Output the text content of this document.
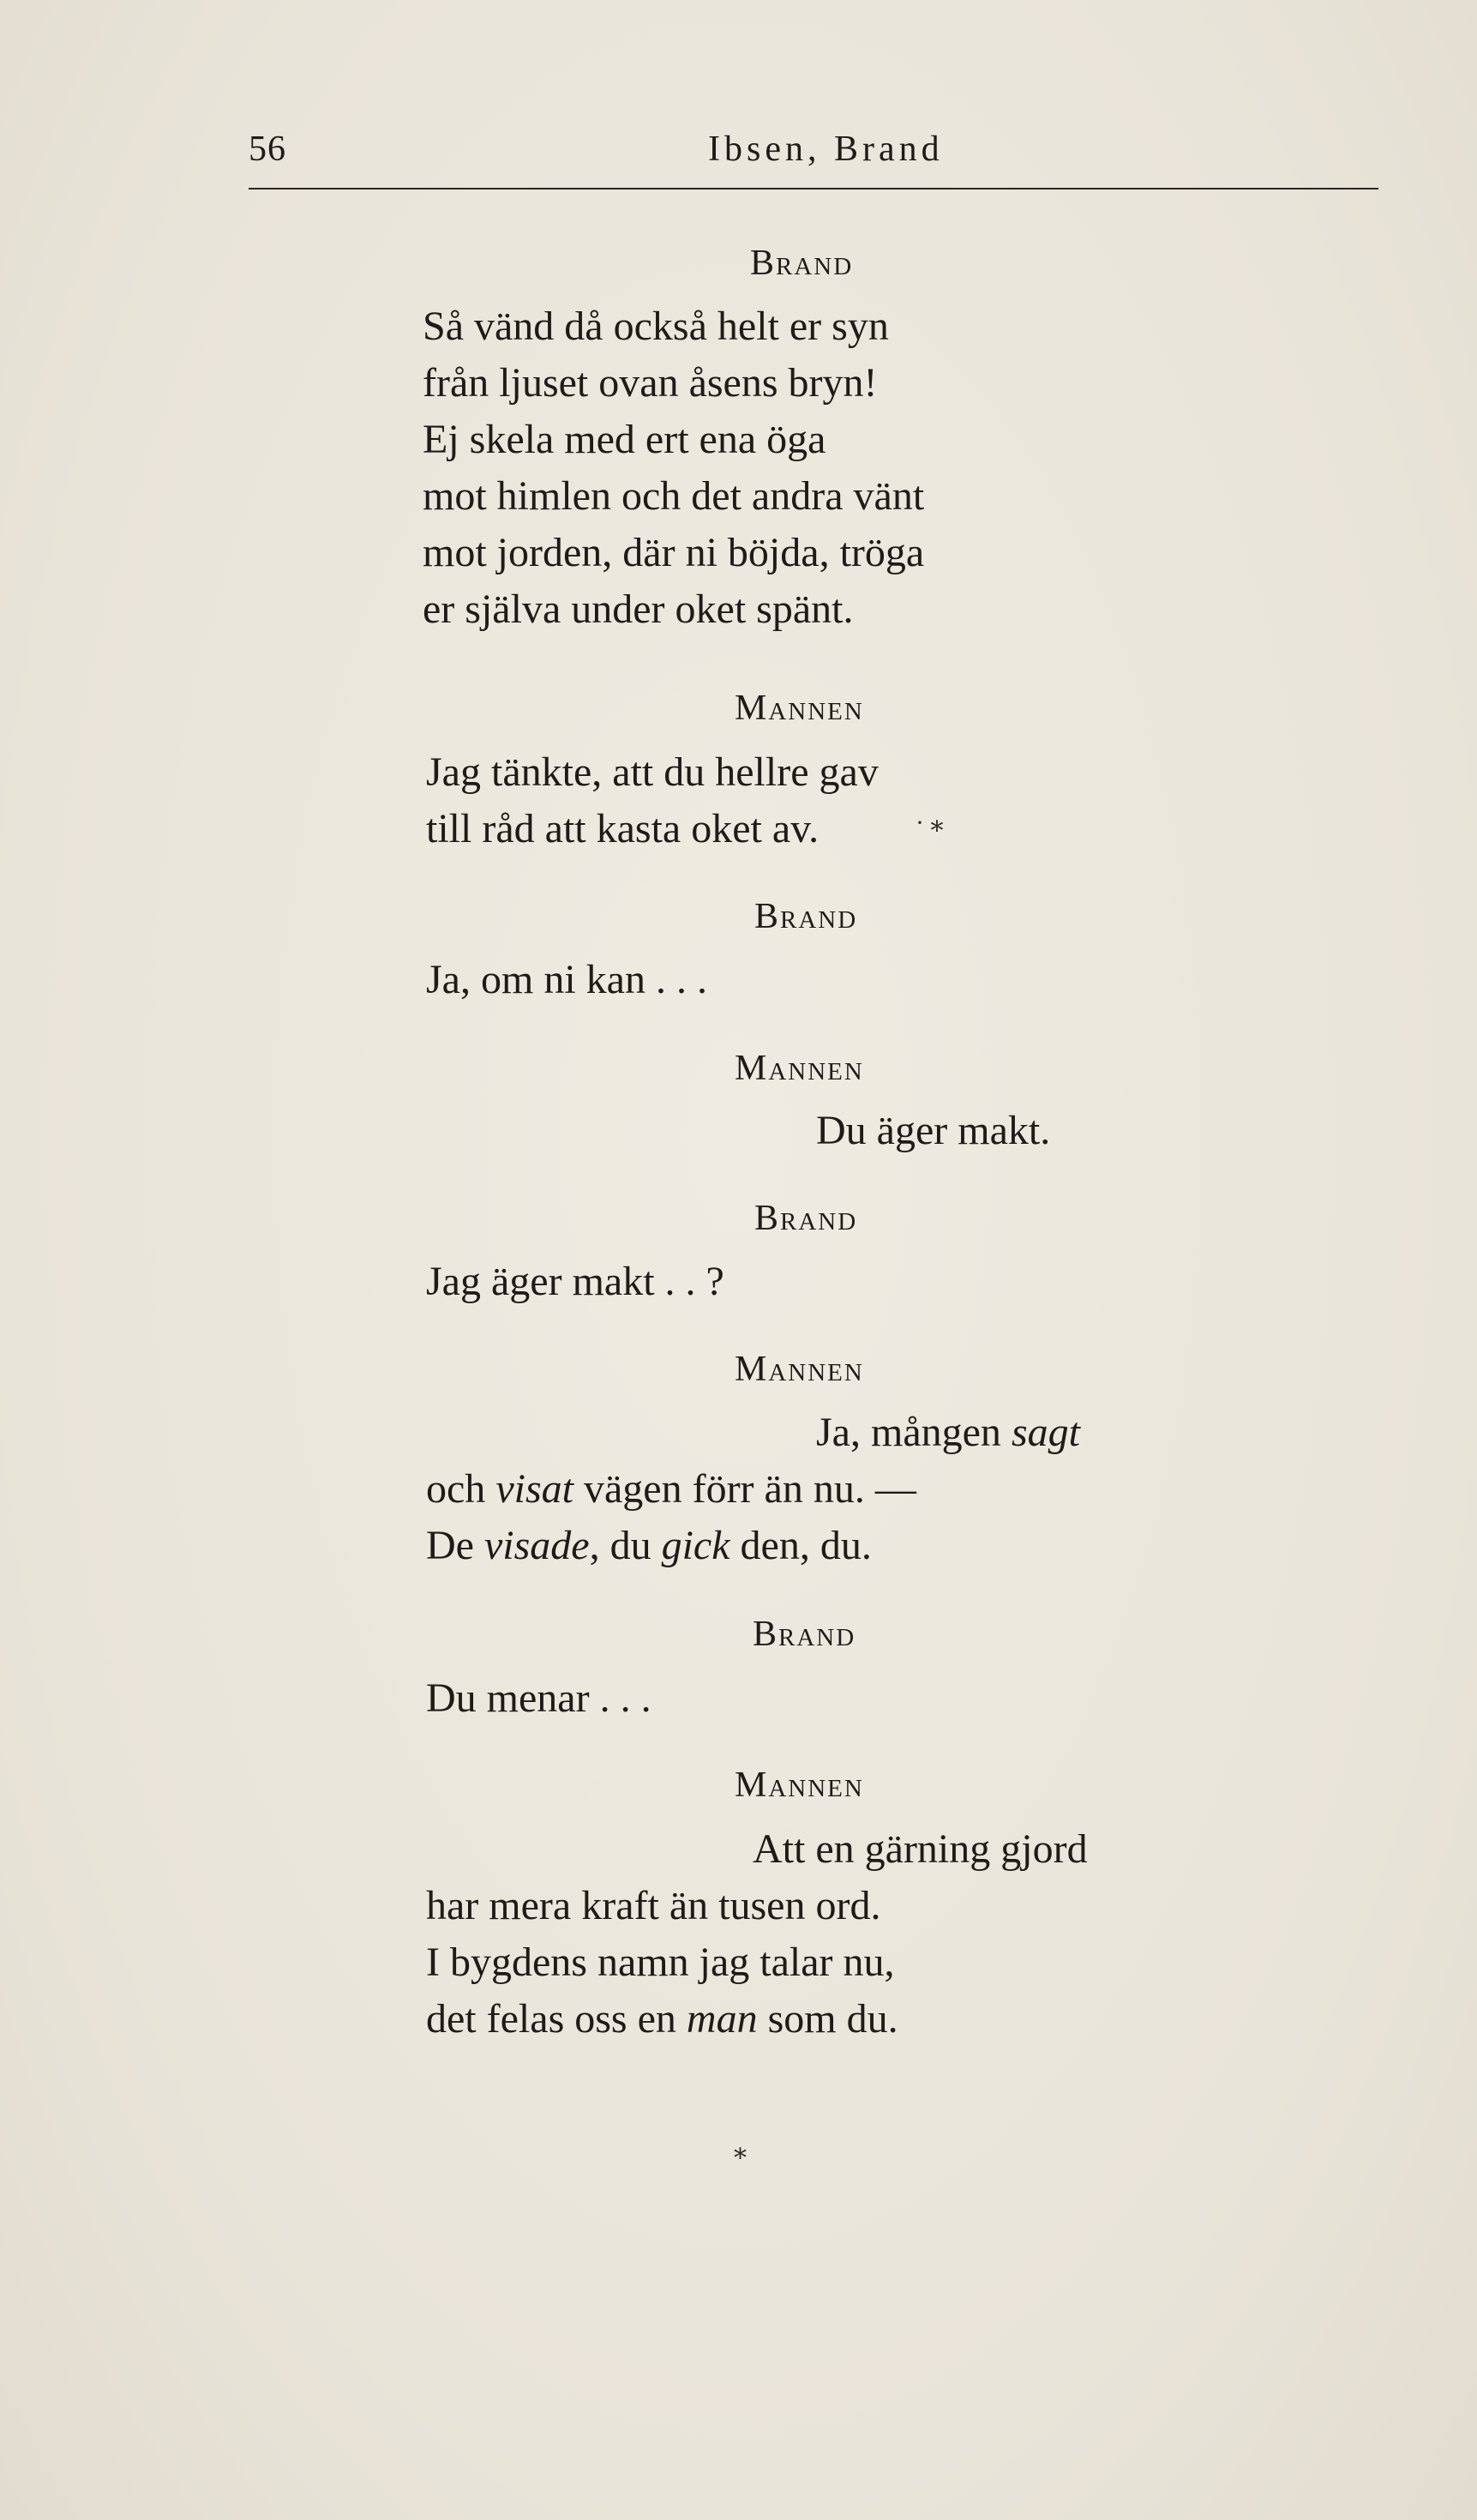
56	Ibsen, Brand
Brand
Så vänd då också helt er syn
från ljuset ovan åsens bryn!
Ej skela med ert ena öga
mot himlen och det andra vänt
mot jorden, där ni böjda, tröga
er själva under oket spänt.
Mannen
Jag tänkte, att du hellre gav
till råd att kasta oket av.	· ⁎
Brand
Ja, om ni kan . . .
Mannen
Du äger makt.
Brand
Jag äger makt . . ?
Mannen
Ja, mången sagt
och visat vägen förr än nu. —
De visade, du gick den, du.
Brand
Du menar . . .
Mannen
Att en gärning gjord
har mera kraft än tusen ord.
I bygdens namn jag talar nu,
det felas oss en man som du.
⁎
